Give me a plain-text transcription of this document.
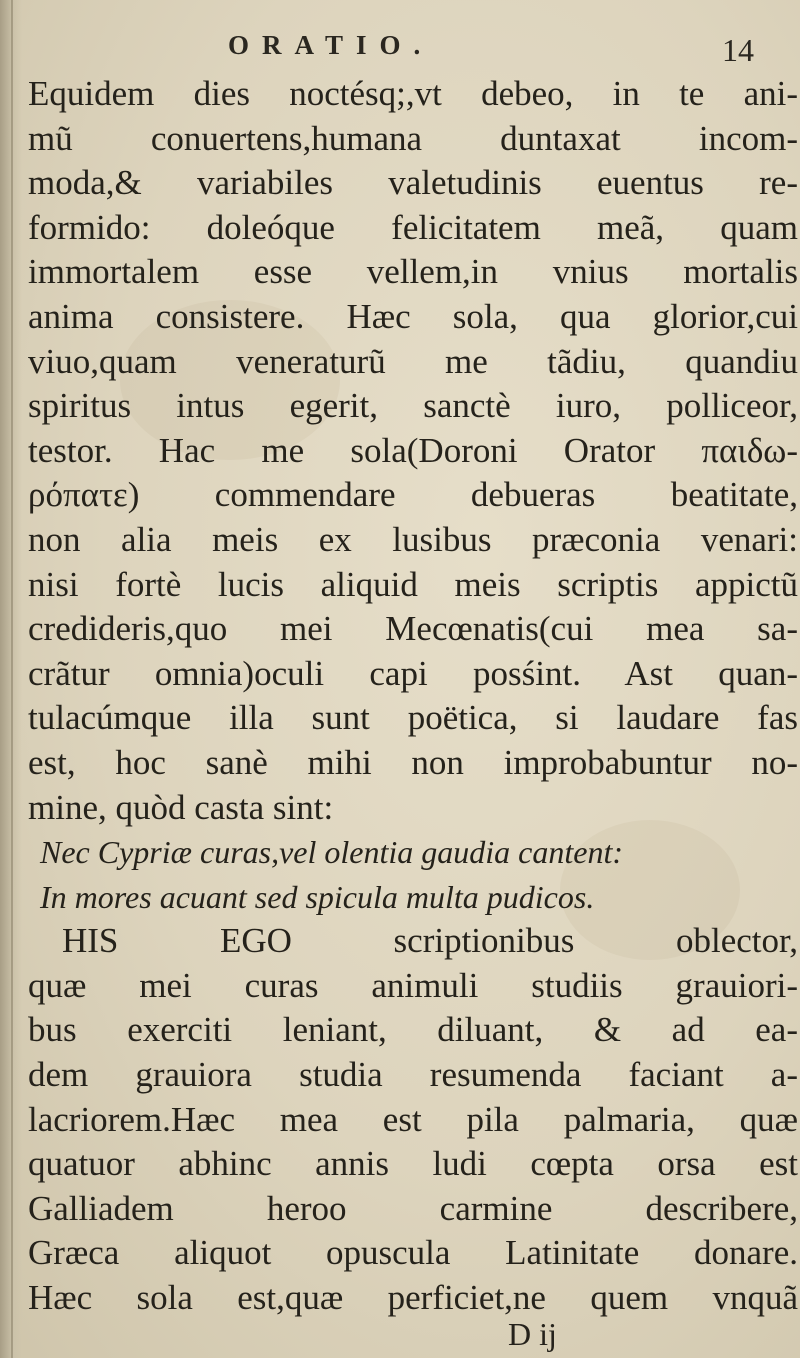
ORATIO.	14
Equidem dies noctésq;,vt debeo, in te ani-
mũ conuertens,humana duntaxat incom-
moda,& variabiles valetudinis euentus re-
formido: doleóque felicitatem meã, quam
immortalem esse vellem,in vnius mortalis
anima consistere. Hæc sola, qua glorior,cui
viuo,quam veneraturũ me tãdiu, quandiu
spiritus intus egerit, sanctè iuro, polliceor,
testor. Hac me sola(Doroni Orator παιδω-
ρόπατε) commendare debueras beatitate,
non alia meis ex lusibus præconia venari:
nisi fortè lucis aliquid meis scriptis appictũ
credideris,quo mei Mecœnatis(cui mea sa-
crãtur omnia)oculi capi posśint. Ast quan-
tulacúmque illa sunt poëtica, si laudare fas
est, hoc sanè mihi non improbabuntur no-
mine, quòd casta sint:
Nec Cypriæ curas,vel olentia gaudia cantent:
In mores acuant sed spicula multa pudicos.
HIS EGO scriptionibus oblector,
quæ mei curas animuli studiis grauiori-
bus exerciti leniant, diluant, & ad ea-
dem grauiora studia resumenda faciant a-
lacriorem.Hæc mea est pila palmaria, quæ
quatuor abhinc annis ludi cœpta orsa est
Galliadem heroo carmine describere,
Græca aliquot opuscula Latinitate donare.
Hæc sola est,quæ perficiet,ne quem vnquã
D ij
